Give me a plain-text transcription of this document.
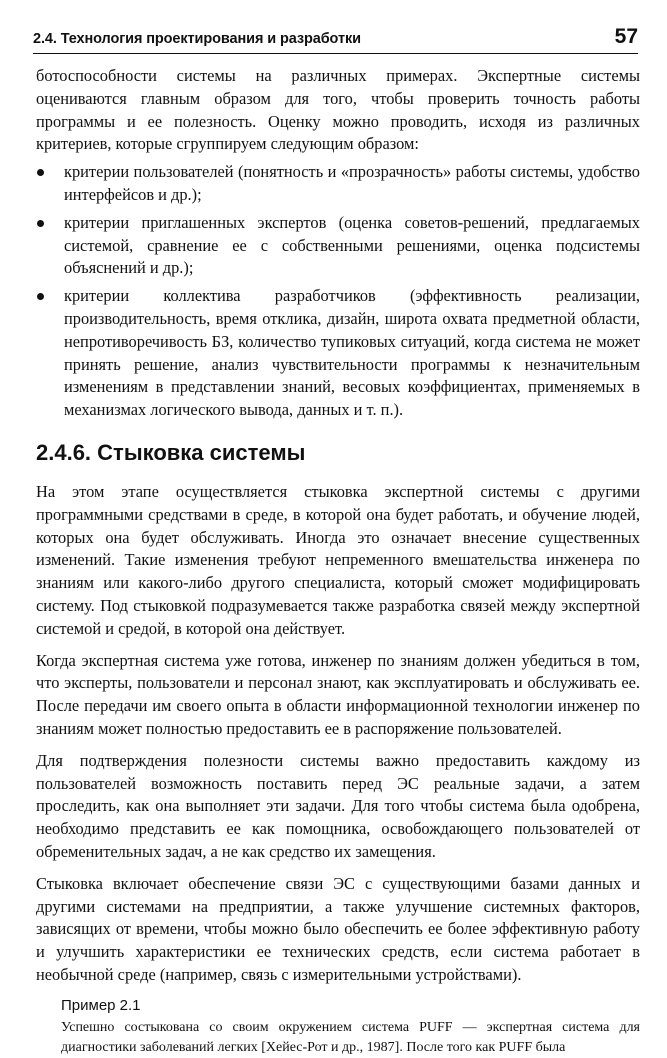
2.4. Технология проектирования и разработки	57

ботоспособности системы на различных примерах. Экспертные системы оцениваются главным образом для того, чтобы проверить точность работы программы и ее полезность. Оценку можно проводить, исходя из различных критериев, которые сгруппируем следующим образом:

критерии пользователей (понятность и «прозрачность» работы системы, удобство интерфейсов и др.);
критерии приглашенных экспертов (оценка советов-решений, предлагаемых системой, сравнение ее с собственными решениями, оценка подсистемы объяснений и др.);
критерии коллектива разработчиков (эффективность реализации, производительность, время отклика, дизайн, широта охвата предметной области, непротиворечивость БЗ, количество тупиковых ситуаций, когда система не может принять решение, анализ чувствительности программы к незначительным изменениям в представлении знаний, весовых коэффициентах, применяемых в механизмах логического вывода, данных и т. п.).
2.4.6. Стыковка системы

На этом этапе осуществляется стыковка экспертной системы с другими программными средствами в среде, в которой она будет работать, и обучение людей, которых она будет обслуживать. Иногда это означает внесение существенных изменений. Такие изменения требуют непременного вмешательства инженера по знаниям или какого-либо другого специалиста, который сможет модифицировать систему. Под стыковкой подразумевается также разработка связей между экспертной системой и средой, в которой она действует.

Когда экспертная система уже готова, инженер по знаниям должен убедиться в том, что эксперты, пользователи и персонал знают, как эксплуатировать и обслуживать ее. После передачи им своего опыта в области информационной технологии инженер по знаниям может полностью предоставить ее в распоряжение пользователей.

Для подтверждения полезности системы важно предоставить каждому из пользователей возможность поставить перед ЭС реальные задачи, а затем проследить, как она выполняет эти задачи. Для того чтобы система была одобрена, необходимо представить ее как помощника, освобождающего пользователей от обременительных задач, а не как средство их замещения.

Стыковка включает обеспечение связи ЭС с существующими базами данных и другими системами на предприятии, а также улучшение системных факторов, зависящих от времени, чтобы можно было обеспечить ее более эффективную работу и улучшить характеристики ее технических средств, если система работает в необычной среде (например, связь с измерительными устройствами).

Пример 2.1

Успешно состыкована со своим окружением система PUFF — экспертная система для диагностики заболеваний легких [Хейес-Рот и др., 1987]. После того как PUFF была
